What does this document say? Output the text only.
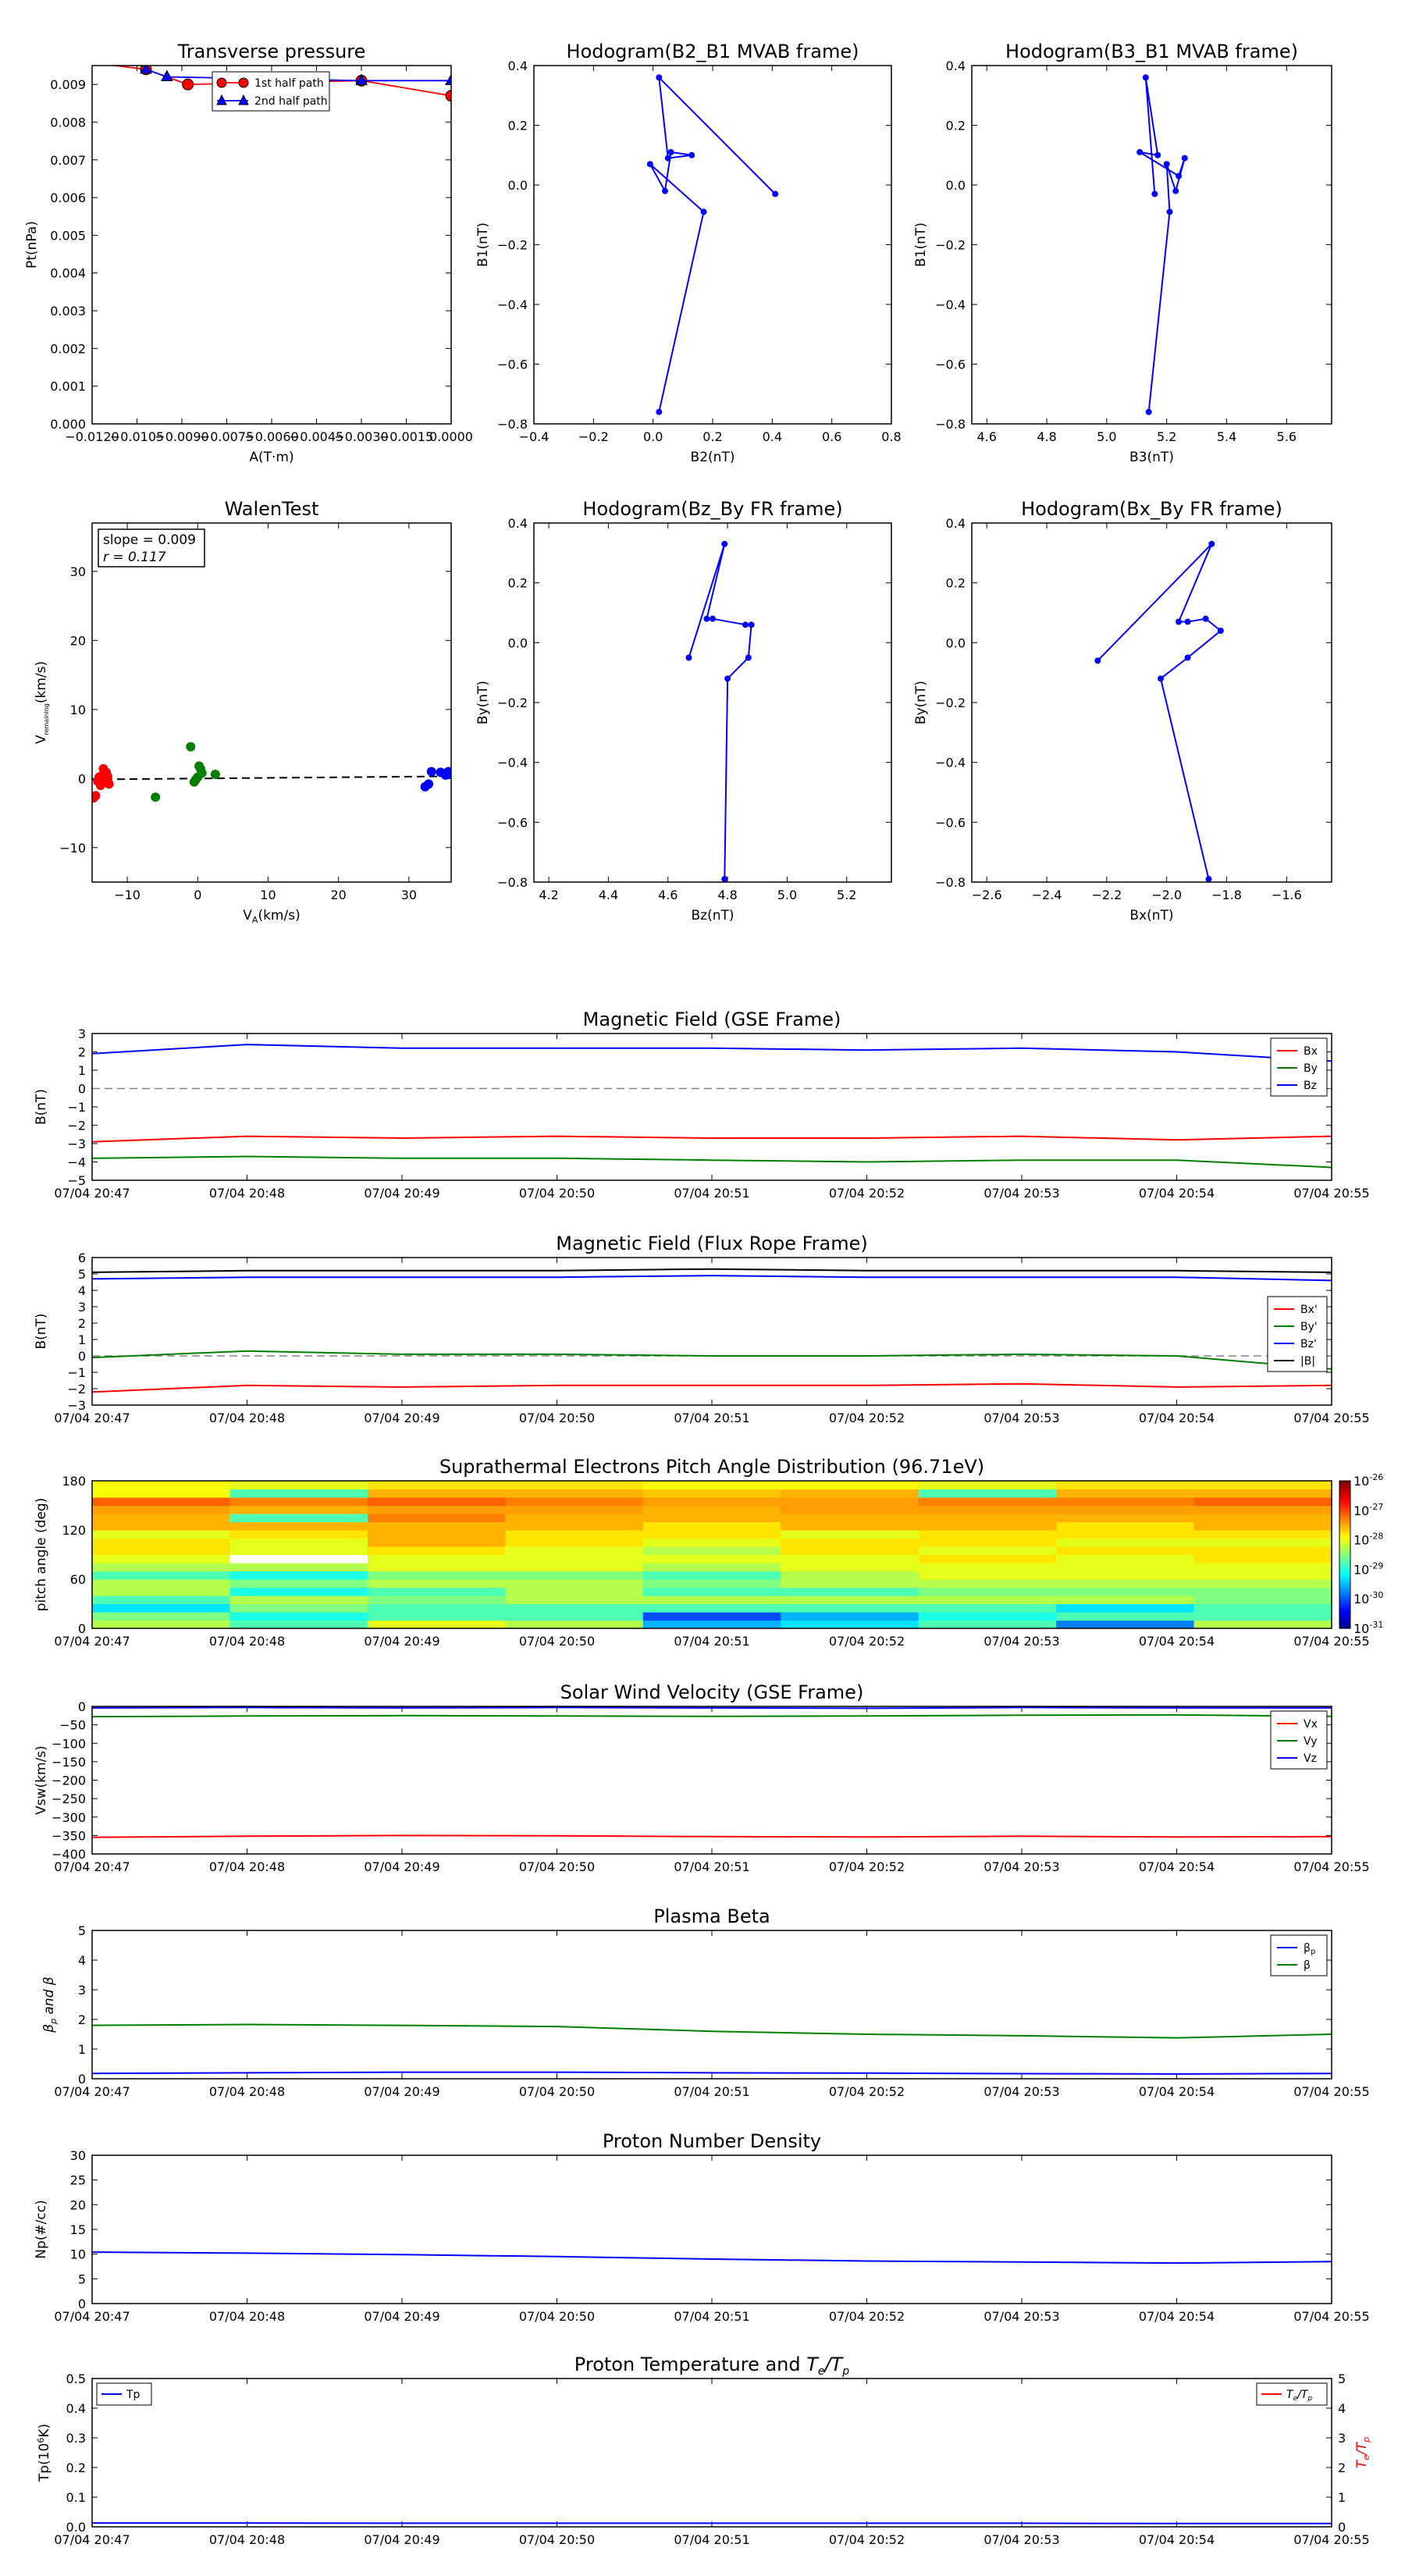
Transverse pressure
0.000
0.001
0.002
0.003
0.004
0.005
0.006
0.007
0.008
0.009
−0.0120
−0.0105
−0.0090
−0.0075
−0.0060
−0.0045
−0.0030
−0.0015
0.0000
A(T·m)
Pt(nPa)
1st half path
2nd half path
Hodogram(B2_B1 MVAB frame)
−0.8
−0.6
−0.4
−0.2
0.0
0.2
0.4
−0.4 −0.2	0.0	0.2	0.4	0.6	0.8
B2(nT)
B1(nT)
Hodogram(B3_B1 MVAB frame)
−0.8
−0.6
−0.4
−0.2
0.0
0.2
0.4
4.6	4.8	5.0	5.2	5.4	5.6
B3(nT)
B1(nT)
Hodogram(Bz_By FR frame)
−0.8
−0.6
−0.4
−0.2
0.0
0.2
0.4
4.2	4.4	4.6	4.8	5.0	5.2
Bz(nT)
By(nT)
Hodogram(Bx_By FR frame)
−0.8
−0.6
−0.4
−0.2
0.0
0.2
0.4
−2.6 −2.4 −2.2 −2.0 −1.8 −1.6
Bx(nT)
By(nT)
WalenTest
−10
0
10
20
30
−10	0	10	20	30
$V_A(km/s)$
$V_{remaining}(km/s)$
slope = 0.009
r = 0.117
Magnetic Field (GSE Frame)
−5
−4
−3
−2
−1
0
1
2
3
07/04 20:47	07/04 20:48	07/04 20:49	07/04 20:50	07/04 20:51	07/04 20:52	07/04 20:53	07/04 20:54	07/04 20:55
B(nT)
Bx
By
Bz
Magnetic Field (Flux Rope Frame)
−3
−2
−1
0
1
2
3
4
5
6
07/04 20:47	07/04 20:48	07/04 20:49	07/04 20:50	07/04 20:51	07/04 20:52	07/04 20:53	07/04 20:54	07/04 20:55
B(nT)
Bx'
By'
Bz'
|B|
Solar Wind Velocity (GSE Frame)
−400
−350
−300
−250
−200
−150
−100
−50
0
07/04 20:47	07/04 20:48	07/04 20:49	07/04 20:50	07/04 20:51	07/04 20:52	07/04 20:53	07/04 20:54	07/04 20:55
Vsw(km/s)
Vx
Vy
Vz
Plasma Beta
0
1
2
3
4
5
07/04 20:47	07/04 20:48	07/04 20:49	07/04 20:50	07/04 20:51	07/04 20:52	07/04 20:53	07/04 20:54	07/04 20:55
$\beta_p$
β
$\beta_p$ and β
Proton Number Density
0
5
10
15
20
25
30
07/04 20:47	07/04 20:48	07/04 20:49	07/04 20:50	07/04 20:51	07/04 20:52	07/04 20:53	07/04 20:54	07/04 20:55
Np(#/cc)
0.0
0.1
0.2
0.3
0.4
0.5
07/04 20:47	07/04 20:48	07/04 20:49	07/04 20:50	07/04 20:51	07/04 20:52	07/04 20:53	07/04 20:54	07/04 20:55
Proton Temperature and $T_e/T_p$
$Tp(10^6K)$
0
1
2
3
4
5
$T_e/T_p$
Tp	$T_e/T_p$
Suprathermal Electrons Pitch Angle Distribution (96.71eV)
0
60
120
180
07/04 20:47	07/04 20:48	07/04 20:49	07/04 20:50	07/04 20:51	07/04 20:52	07/04 20:53	07/04 20:54	07/04 20:55
pitch angle (deg)
$10^{-26}$
$10^{-27}$
$10^{-28}$
$10^{-29}$
$10^{-30}$
$10^{-31}$
